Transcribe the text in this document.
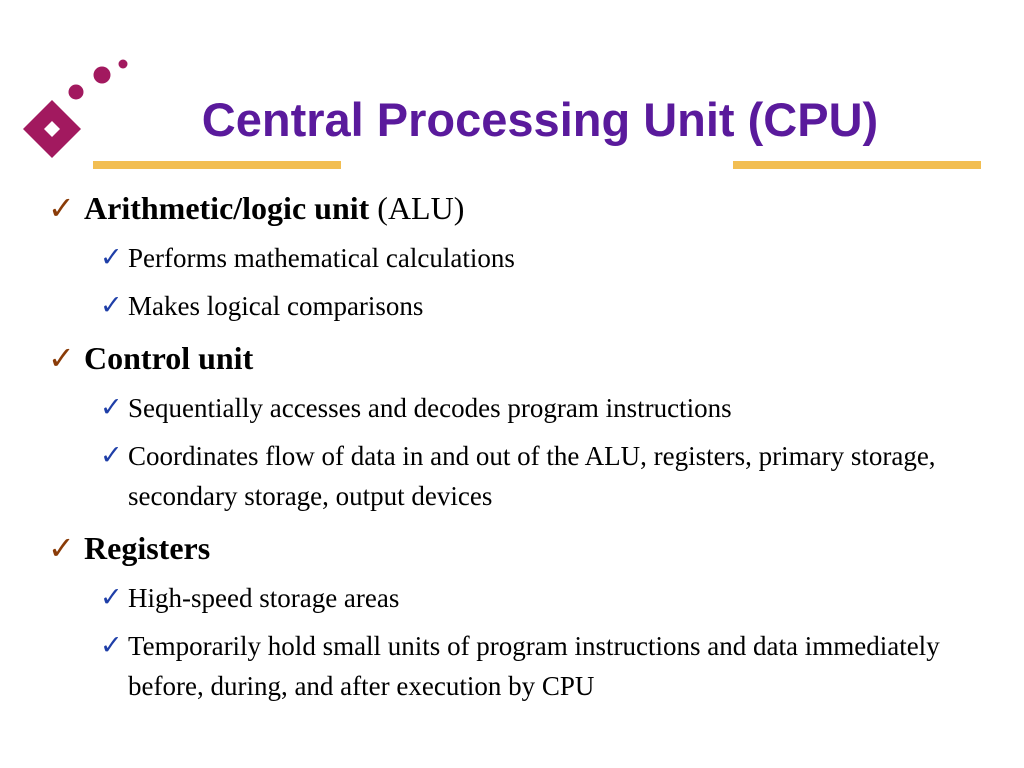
Central Processing Unit (CPU)
✓ Arithmetic/logic unit (ALU)
✓ Performs mathematical calculations
✓ Makes logical comparisons
✓ Control unit
✓ Sequentially accesses and decodes program instructions
✓ Coordinates flow of data in and out of the ALU, registers, primary storage, secondary storage, output devices
✓ Registers
✓ High-speed storage areas
✓ Temporarily hold small units of program instructions and data immediately before, during, and after execution by CPU
